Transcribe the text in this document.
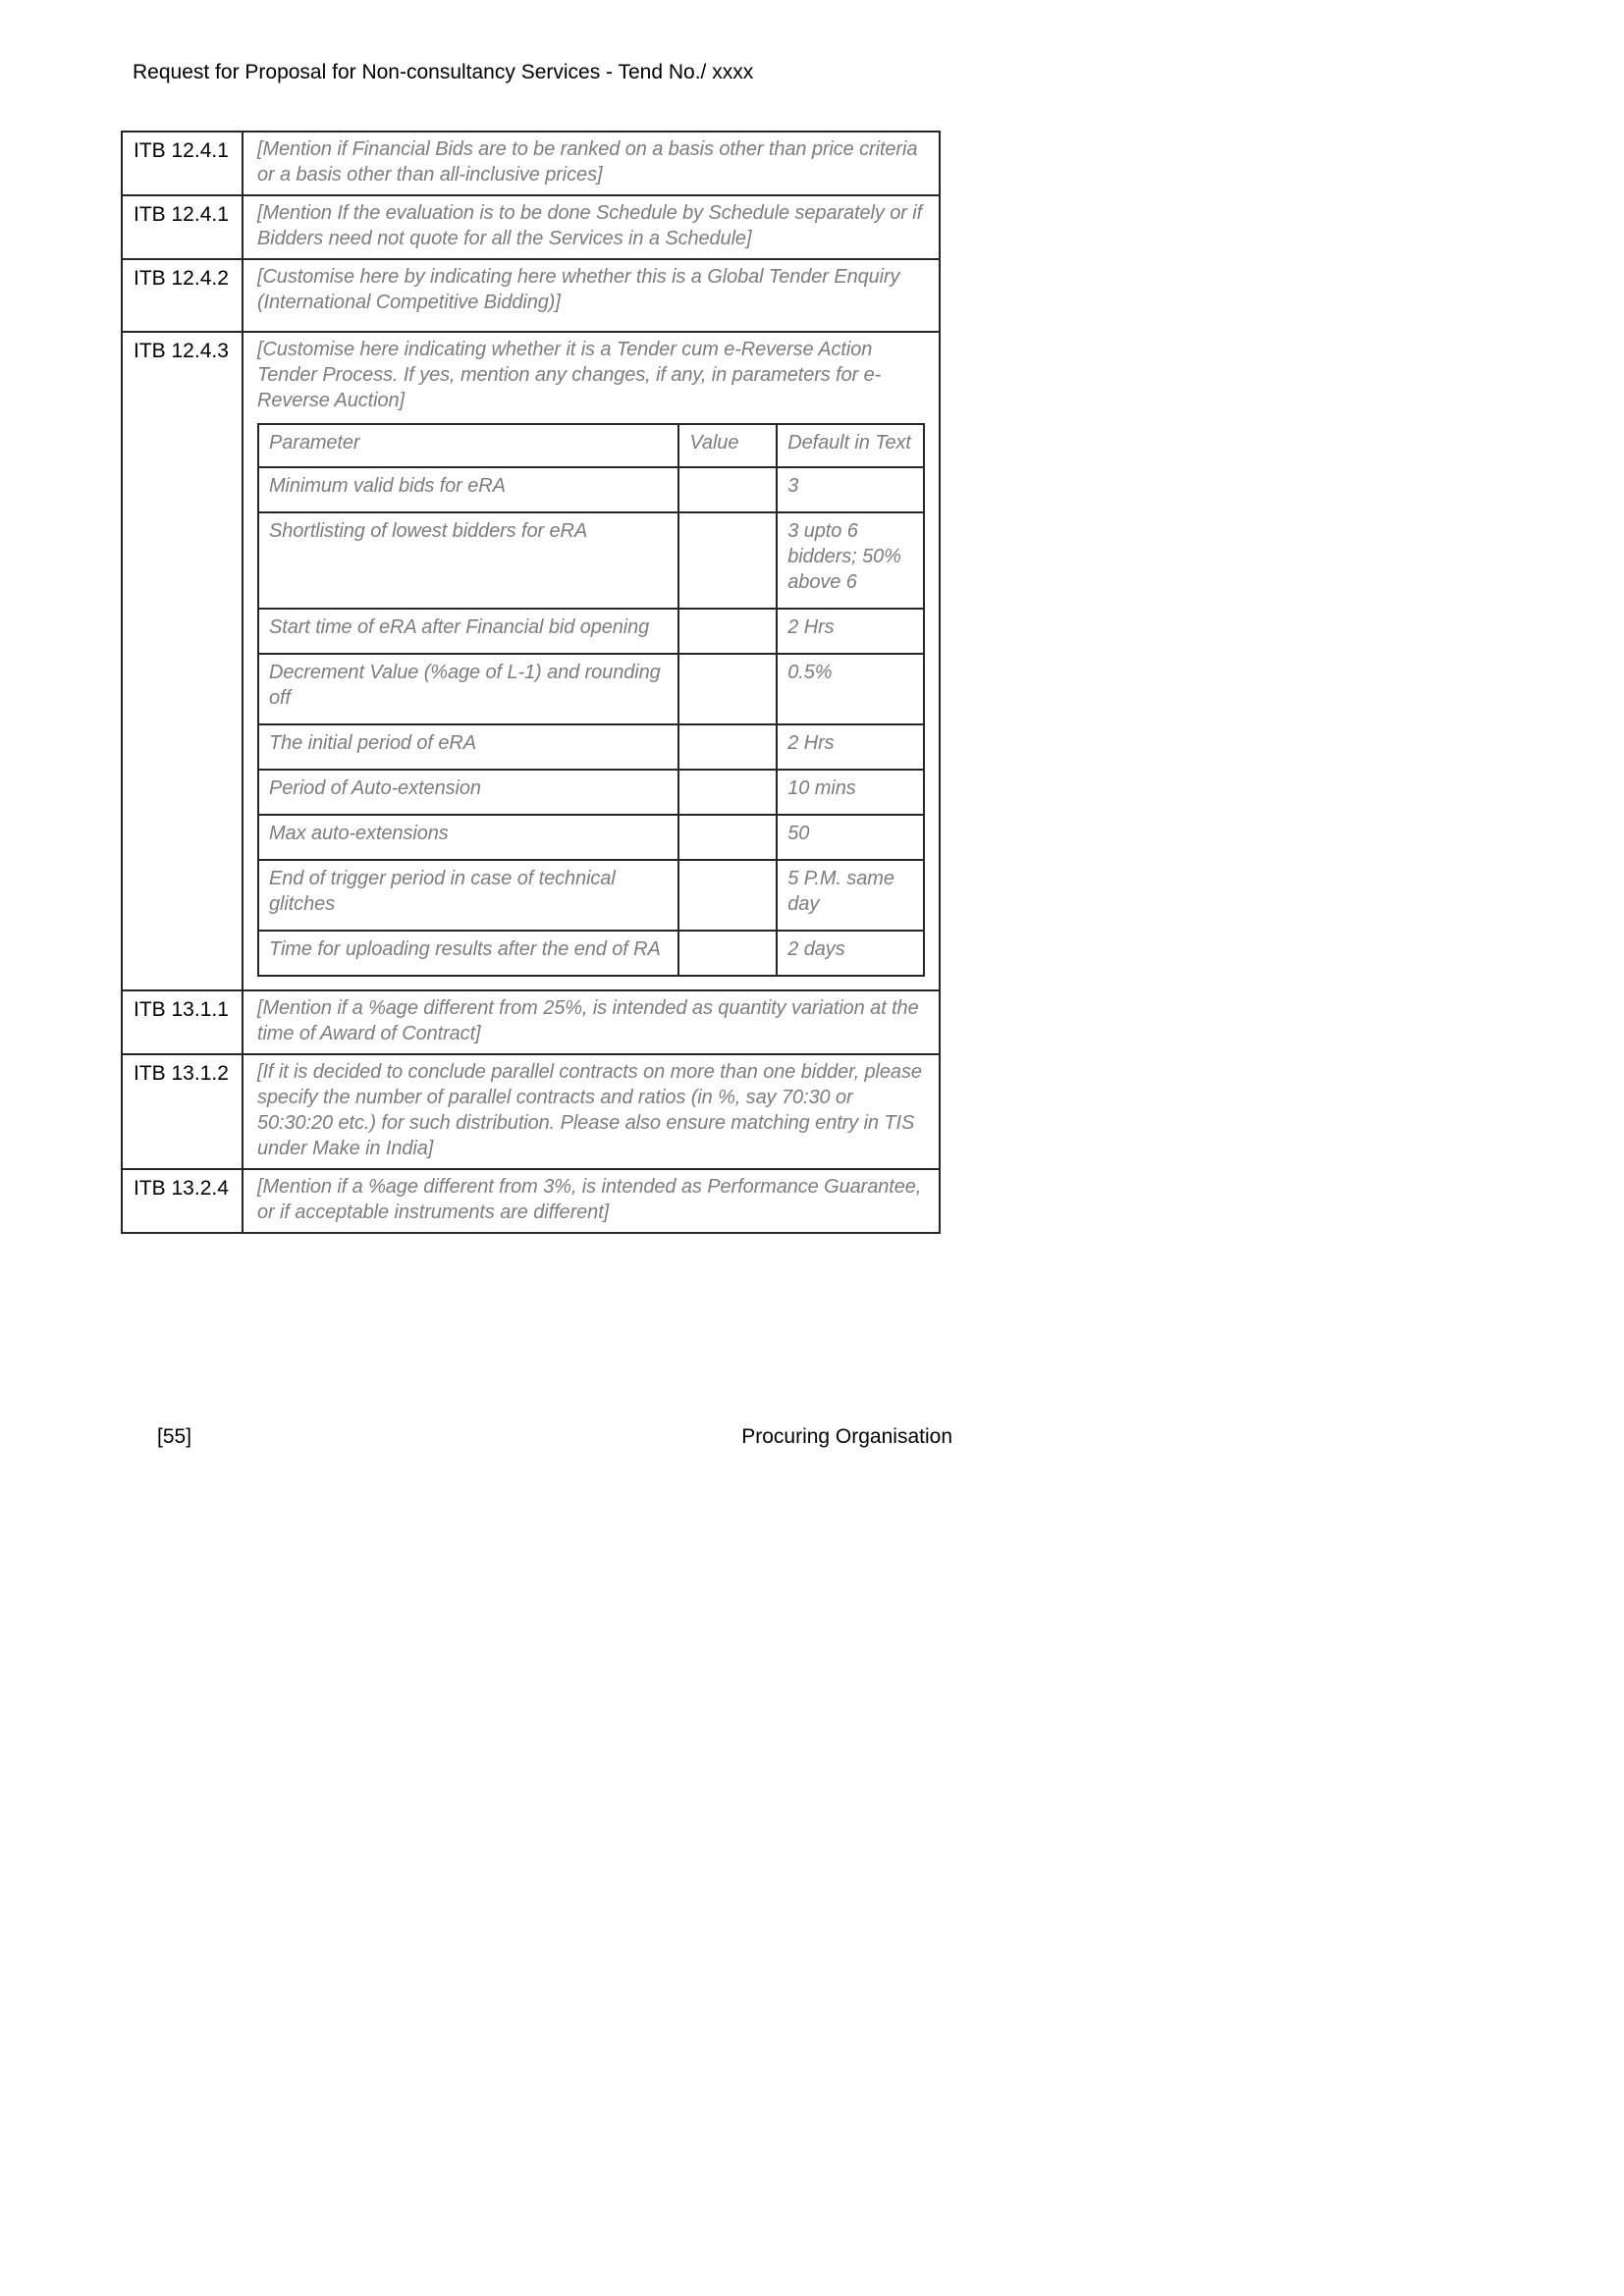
Request for Proposal for Non-consultancy Services - Tend No./ xxxx
ITB 12.4.1	[Mention if Financial Bids are to be ranked on a basis other than price criteria or a basis other than all-inclusive prices]
ITB 12.4.1	[Mention If the evaluation is to be done Schedule by Schedule separately or if Bidders need not quote for all the Services in a Schedule]
ITB 12.4.2	[Customise here by indicating here whether this is a Global Tender Enquiry (International Competitive Bidding)]
ITB 12.4.3	[Customise here indicating whether it is a Tender cum e-Reverse Action Tender Process. If yes, mention any changes, if any, in parameters for e-Reverse Auction]
Parameter	Value	Default in Text
Minimum valid bids for eRA		3
Shortlisting of lowest bidders for eRA		3 upto 6 bidders; 50% above 6
Start time of eRA after Financial bid opening		2 Hrs
Decrement Value (%age of L-1) and rounding off		0.5%
The initial period of eRA		2 Hrs
Period of Auto-extension		10 mins
Max auto-extensions		50
End of trigger period in case of technical glitches		5 P.M. same day
Time for uploading results after the end of RA		2 days

ITB 13.1.1	[Mention if a %age different from 25%, is intended as quantity variation at the time of Award of Contract]
ITB 13.1.2	[If it is decided to conclude parallel contracts on more than one bidder, please specify the number of parallel contracts and ratios (in %, say 70:30 or 50:30:20 etc.) for such distribution. Please also ensure matching entry in TIS under Make in India]
ITB 13.2.4	[Mention if a %age different from 3%, is intended as Performance Guarantee, or if acceptable instruments are different]
[55]	Procuring Organisation
